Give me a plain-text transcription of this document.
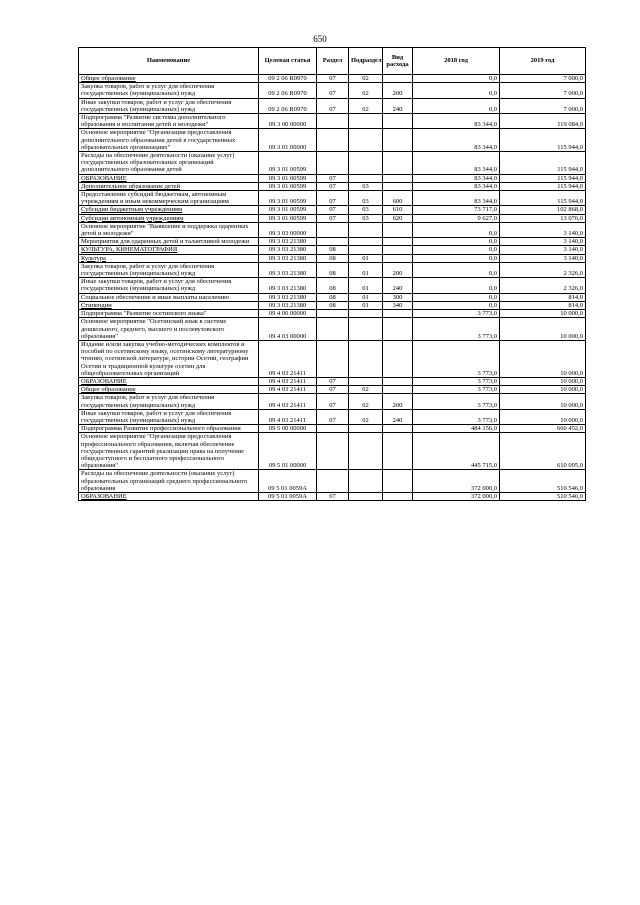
650
Наименование	Целевая статья	Раздел	Подраздел	Вид расхода	2018 год	2019 год
Общее образование	09 2 06 R0970	07	02		0,0	7 000,0
Закупка товаров, работ и услуг для обеспечения государственных (муниципальных) нужд	09 2 06 R0970	07	02	200	0,0	7 000,0
Иные закупки товаров, работ и услуг для обеспечения государственных (муниципальных) нужд	09 2 06 R0970	07	02	240	0,0	7 000,0
Подпрограмма "Развитие системы дополнительного образования и воспитания детей и молодежи"	09 3 00 00000				83 344,0	119 084,0
Основное мероприятие "Организация предоставления дополнительного образования детей в государственных образовательных организациях"	09 3 01 00000				83 344,0	115 944,0
Расходы на обеспечение деятельности (оказание услуг) государственных образовательных организаций дополнительного образования детей	09 3 01 00599				83 344,0	115 944,0
ОБРАЗОВАНИЕ	09 3 01 00599	07			83 344,0	115 944,0
Дополнительное образование детей	09 3 01 00599	07	03		83 344,0	115 944,0
Предоставление субсидий бюджетным, автономным учреждениям и иным некоммерческим организациям	09 3 01 00599	07	03	600	83 344,0	115 944,0
Субсидии бюджетным учреждениям	09 3 01 00599	07	03	610	73 717,0	102 868,0
Субсидии автономным учреждениям	09 3 01 00599	07	03	620	9 627,0	13 076,0
Основное мероприятие "Выявление и поддержка одаренных детей и молодежи"	09 3 03 00000				0,0	3 140,0
Мероприятия для одаренных детей и талантливой молодежи	09 3 03 21380				0,0	3 140,0
КУЛЬТУРА, КИНЕМАТОГРАФИЯ	09 3 03 21380	08			0,0	3 140,0
Культура	09 3 03 21380	08	01		0,0	3 140,0
Закупка товаров, работ и услуг для обеспечения государственных (муниципальных) нужд	09 3 03 21380	08	01	200	0,0	2 326,0
Иные закупки товаров, работ и услуг для обеспечения государственных (муниципальных) нужд	09 3 03 21380	08	01	240	0,0	2 326,0
Социальное обеспечение и иные выплаты населению	09 3 03 21380	08	01	300	0,0	814,0
Стипендии	09 3 03 21380	08	01	340	0,0	814,0
Подпрограмма "Развитие осетинского языка"	09 4 00 00000				3 773,0	10 000,0
Основное мероприятие "Осетинский язык в системе дошкольного, среднего, высшего и послевузовского образования"	09 4 03 00000				3 773,0	10 000,0
Издание и/или закупка учебно-методических комплектов и пособий по осетинскому языку, осетинскому литературному чтению, осетинской литературе, истории Осетии, географии Осетии и традиционной культуре осетин для общеобразовательных организаций	09 4 03 21411				3 773,0	10 000,0
ОБРАЗОВАНИЕ	09 4 03 21411	07			3 773,0	10 000,0
Общее образование	09 4 03 21411	07	02		3 773,0	10 000,0
Закупка товаров, работ и услуг для обеспечения государственных (муниципальных) нужд	09 4 03 21411	07	02	200	3 773,0	10 000,0
Иные закупки товаров, работ и услуг для обеспечения государственных (муниципальных) нужд	09 4 03 21411	07	02	240	3 773,0	10 000,0
Подпрограмма Развитие профессионального образования	09 5 00 00000				484 156,0	660 452,0
Основное мероприятие "Организация предоставления профессионального образования, включая обеспечение государственных гарантий реализации права на получение общедоступного и бесплатного профессионального образования"	09 5 01 00000				445 715,0	610 095,0
Расходы на обеспечение деятельности (оказание услуг) образовательных организаций среднего профессионального образования	09 5 01 0059А				372 000,0	510 546,0
ОБРАЗОВАНИЕ	09 5 01 0059А	07			372 000,0	510 546,0
